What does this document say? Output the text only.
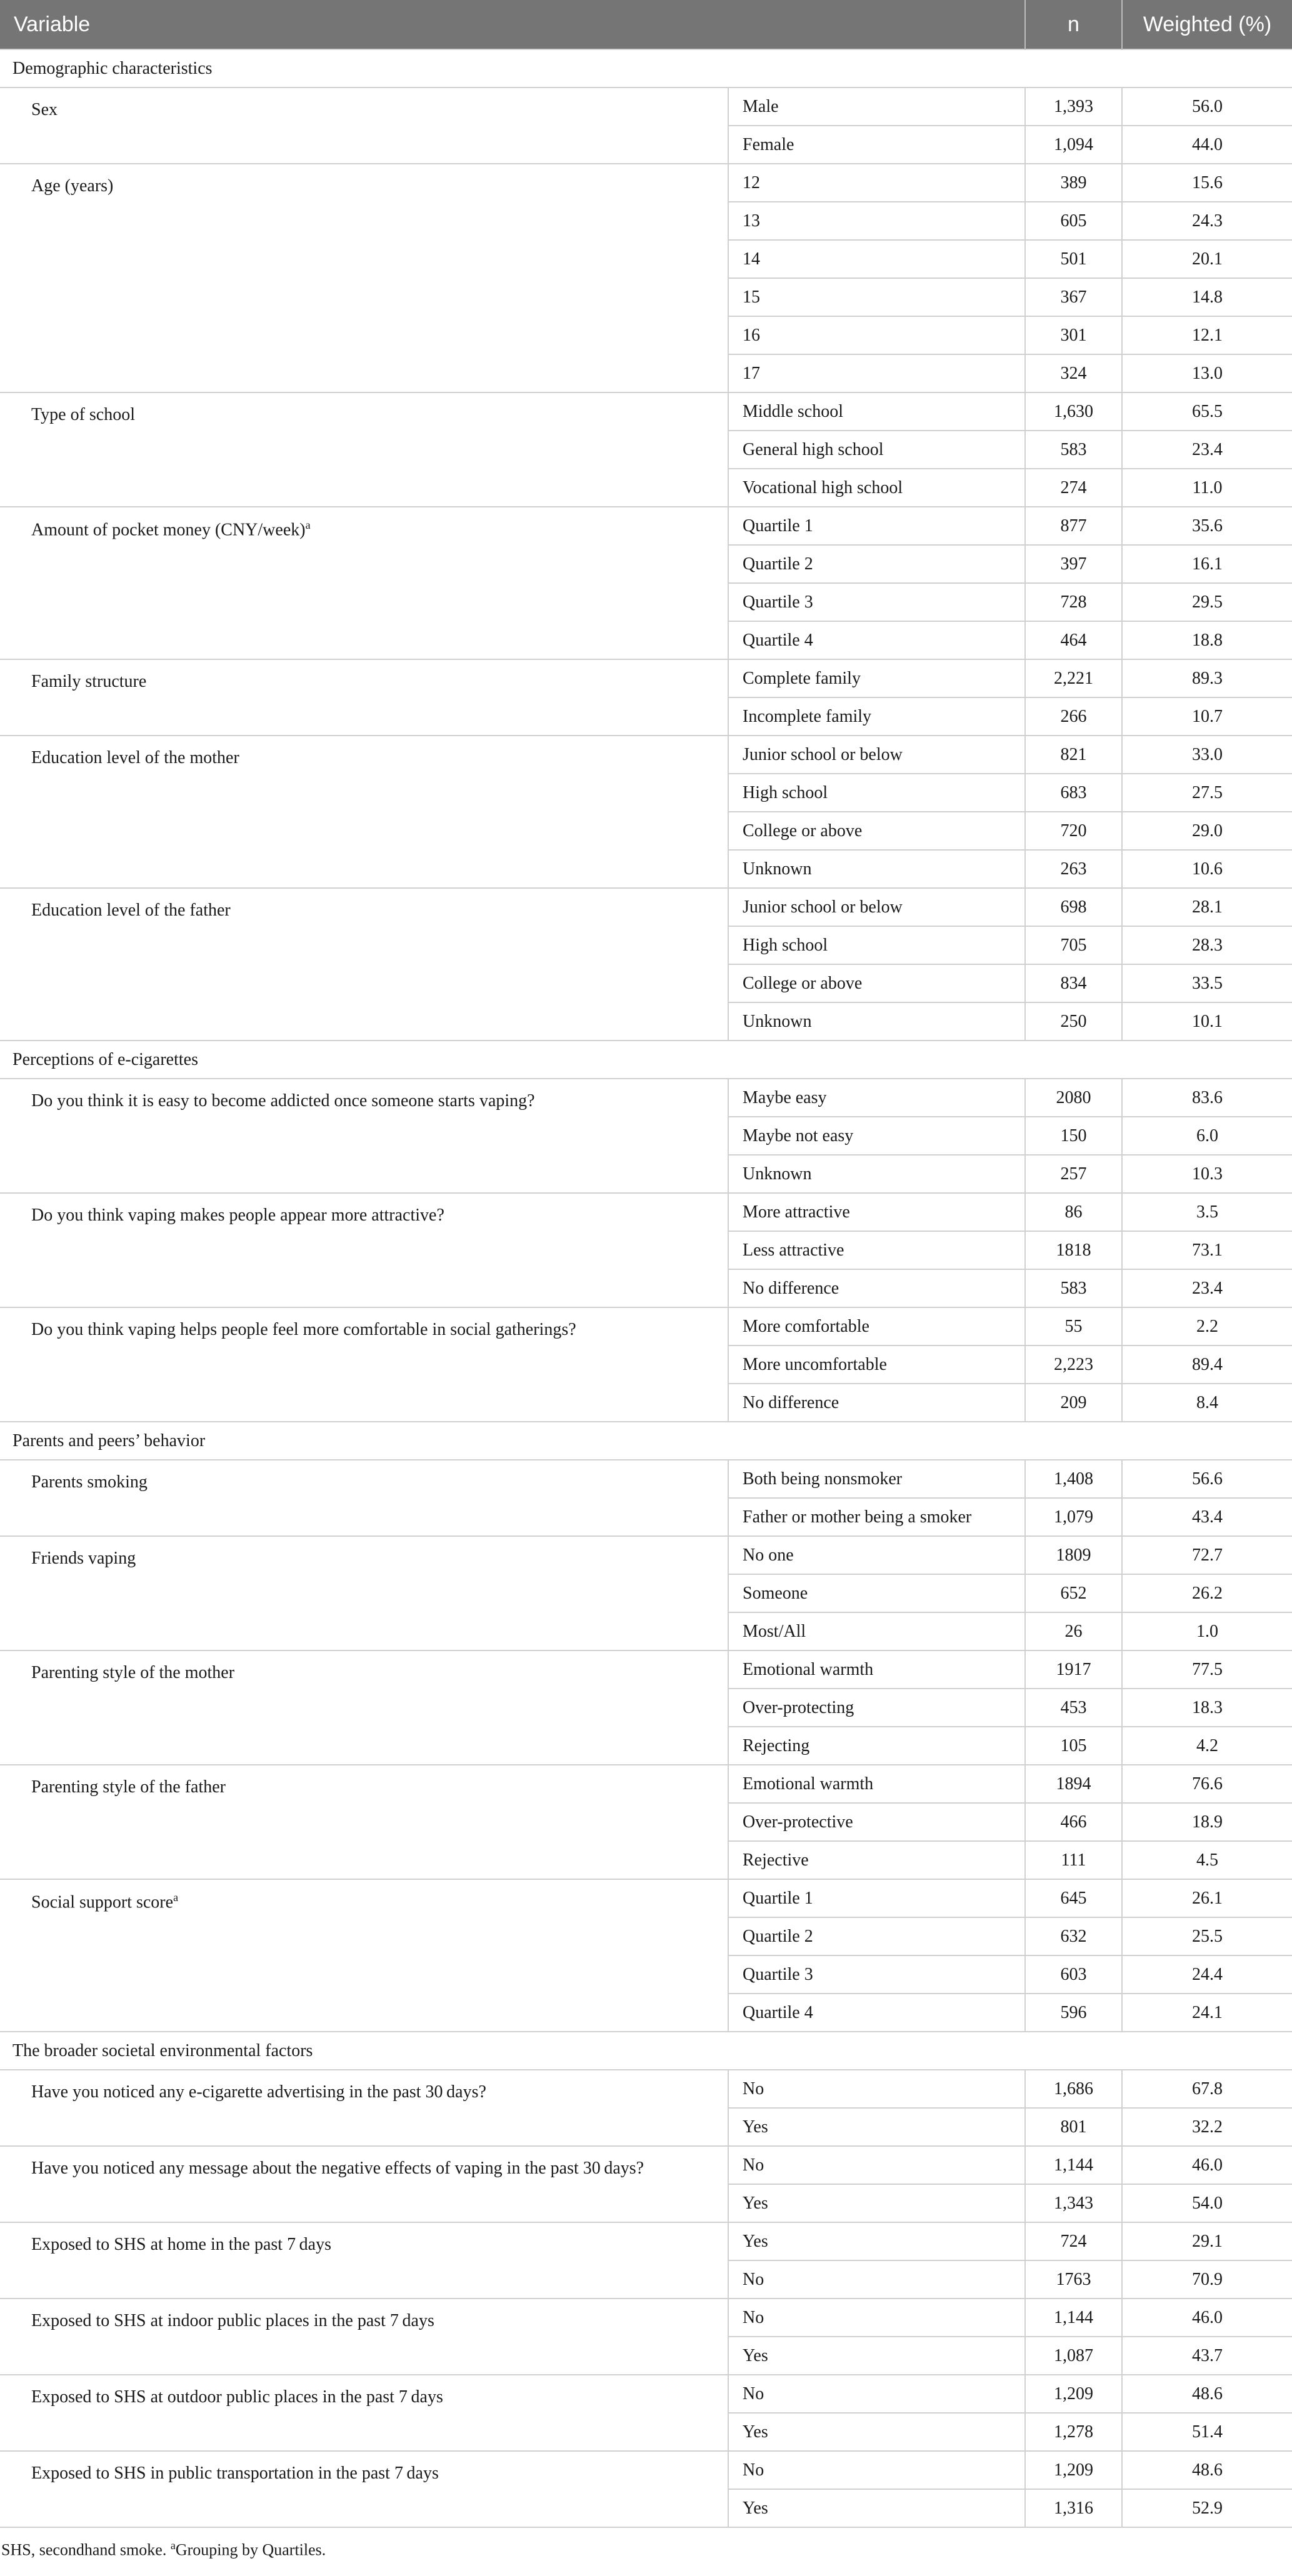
Variable		n	Weighted (%)
Demographic characteristics			
Sex	Male	1,393	56.0
	Female	1,094	44.0
Age (years)	12	389	15.6
	13	605	24.3
	14	501	20.1
	15	367	14.8
	16	301	12.1
	17	324	13.0
Type of school	Middle school	1,630	65.5
	General high school	583	23.4
	Vocational high school	274	11.0
Amount of pocket money (CNY/week)$^a$	Quartile 1	877	35.6
	Quartile 2	397	16.1
	Quartile 3	728	29.5
	Quartile 4	464	18.8
Family structure	Complete family	2,221	89.3
	Incomplete family	266	10.7
Education level of the mother	Junior school or below	821	33.0
	High school	683	27.5
	College or above	720	29.0
	Unknown	263	10.6
Education level of the father	Junior school or below	698	28.1
	High school	705	28.3
	College or above	834	33.5
	Unknown	250	10.1
Perceptions of e-cigarettes			
Do you think it is easy to become addicted once someone starts vaping?	Maybe easy	2080	83.6
	Maybe not easy	150	6.0
	Unknown	257	10.3
Do you think vaping makes people appear more attractive?	More attractive	86	3.5
	Less attractive	1818	73.1
	No difference	583	23.4
Do you think vaping helps people feel more comfortable in social gatherings?	More comfortable	55	2.2
	More uncomfortable	2,223	89.4
	No difference	209	8.4
Parents and peers’ behavior			
Parents smoking	Both being nonsmoker	1,408	56.6
	Father or mother being a smoker	1,079	43.4
Friends vaping	No one	1809	72.7
	Someone	652	26.2
	Most/All	26	1.0
Parenting style of the mother	Emotional warmth	1917	77.5
	Over-protecting	453	18.3
	Rejecting	105	4.2
Parenting style of the father	Emotional warmth	1894	76.6
	Over-protective	466	18.9
	Rejective	111	4.5
Social support score$^a$	Quartile 1	645	26.1
	Quartile 2	632	25.5
	Quartile 3	603	24.4
	Quartile 4	596	24.1
The broader societal environmental factors			
Have you noticed any e-cigarette advertising in the past 30 days?	No	1,686	67.8
	Yes	801	32.2
Have you noticed any message about the negative effects of vaping in the past 30 days?	No	1,144	46.0
	Yes	1,343	54.0
Exposed to SHS at home in the past 7 days	Yes	724	29.1
	No	1763	70.9
Exposed to SHS at indoor public places in the past 7 days	No	1,144	46.0
	Yes	1,087	43.7
Exposed to SHS at outdoor public places in the past 7 days	No	1,209	48.6
	Yes	1,278	51.4
Exposed to SHS in public transportation in the past 7 days	No	1,209	48.6
	Yes	1,316	52.9
SHS, secondhand smoke. $^a$Grouping by Quartiles.
